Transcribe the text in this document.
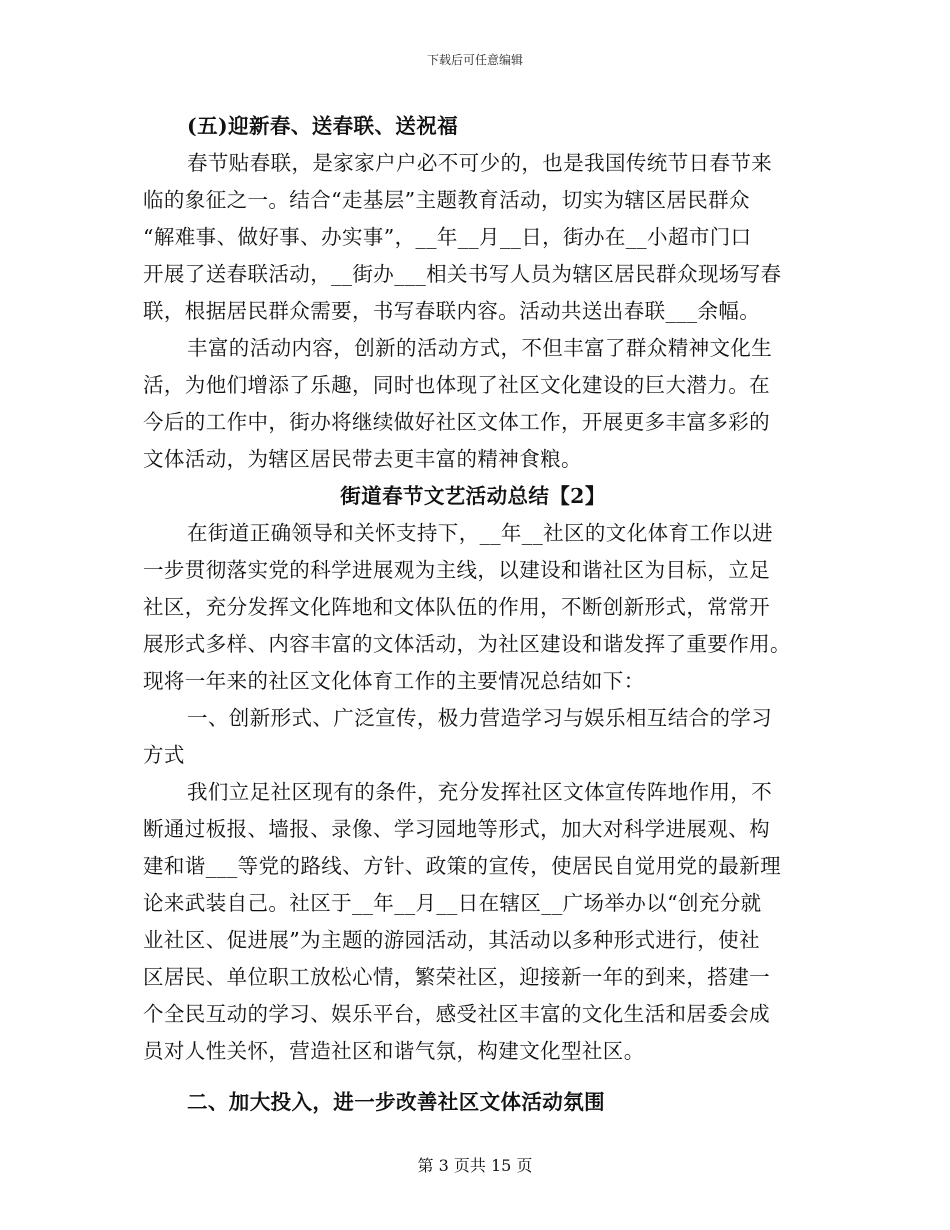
下载后可任意编辑
(五)迎新春、送春联、送祝福
春节贴春联，是家家户户必不可少的，也是我国传统节日春节来
临的象征之一。结合“走基层”主题教育活动，切实为辖区居民群众
“解难事、做好事、办实事”，__年__月__日，街办在__小超市门口
开展了送春联活动，__街办___相关书写人员为辖区居民群众现场写春
联，根据居民群众需要，书写春联内容。活动共送出春联___余幅。
丰富的活动内容，创新的活动方式，不但丰富了群众精神文化生
活，为他们增添了乐趣，同时也体现了社区文化建设的巨大潜力。在
今后的工作中，街办将继续做好社区文体工作，开展更多丰富多彩的
文体活动，为辖区居民带去更丰富的精神食粮。
街道春节文艺活动总结【2】
在街道正确领导和关怀支持下，__年__社区的文化体育工作以进
一步贯彻落实党的科学进展观为主线，以建设和谐社区为目标，立足
社区，充分发挥文化阵地和文体队伍的作用，不断创新形式，常常开
展形式多样、内容丰富的文体活动，为社区建设和谐发挥了重要作用。
现将一年来的社区文化体育工作的主要情况总结如下：
一、创新形式、广泛宣传，极力营造学习与娱乐相互结合的学习
方式
我们立足社区现有的条件，充分发挥社区文体宣传阵地作用，不
断通过板报、墙报、录像、学习园地等形式，加大对科学进展观、构
建和谐___等党的路线、方针、政策的宣传，使居民自觉用党的最新理
论来武装自己。社区于__年__月__日在辖区__广场举办以“创充分就
业社区、促进展”为主题的游园活动，其活动以多种形式进行，使社
区居民、单位职工放松心情，繁荣社区，迎接新一年的到来，搭建一
个全民互动的学习、娱乐平台，感受社区丰富的文化生活和居委会成
员对人性关怀，营造社区和谐气氛，构建文化型社区。
二、加大投入，进一步改善社区文体活动氛围
第 3 页共 15 页
